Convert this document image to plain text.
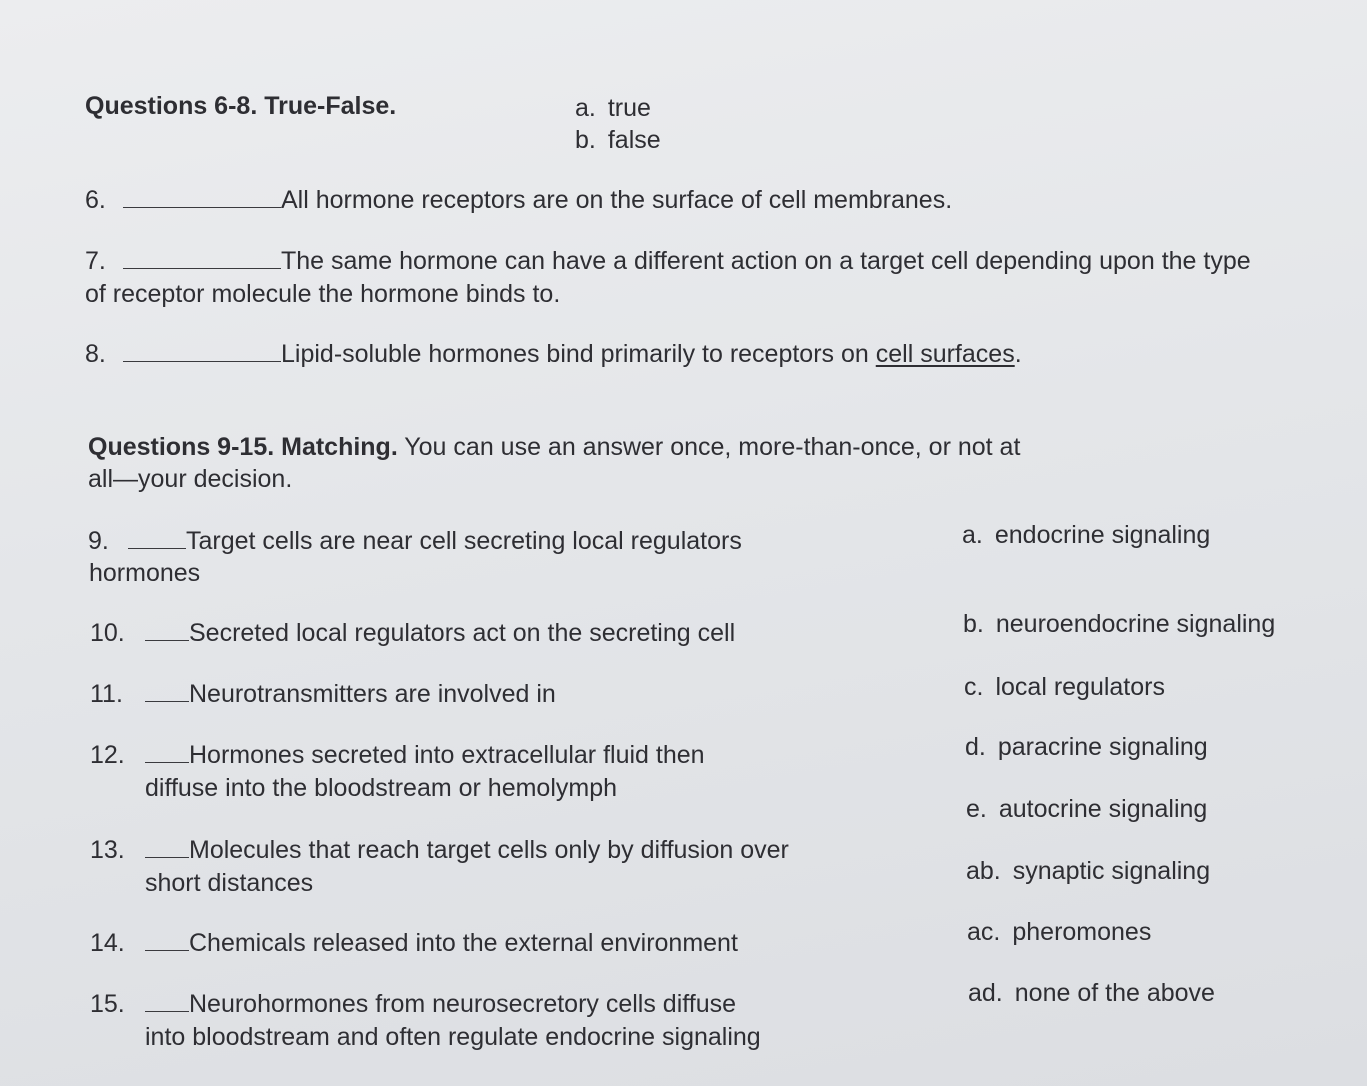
Questions 6-8. True-False.	a. true
b. false
6.	All hormone receptors are on the surface of cell membranes.
7.	The same hormone can have a different action on a target cell depending upon the type
of receptor molecule the hormone binds to.
8.	Lipid-soluble hormones bind primarily to receptors on cell surfaces.
Questions 9-15. Matching. You can use an answer once, more-than-once, or not at
all—your decision.
9.	Target cells are near cell secreting local regulators
hormones
10.	Secreted local regulators act on the secreting cell
11.	Neurotransmitters are involved in
12.	Hormones secreted into extracellular fluid then
diffuse into the bloodstream or hemolymph
13.	Molecules that reach target cells only by diffusion over
short distances
14.	Chemicals released into the external environment
15.	Neurohormones from neurosecretory cells diffuse
into bloodstream and often regulate endocrine signaling
a. endocrine signaling
b. neuroendocrine signaling
c. local regulators
d. paracrine signaling
e. autocrine signaling
ab. synaptic signaling
ac. pheromones
ad. none of the above
